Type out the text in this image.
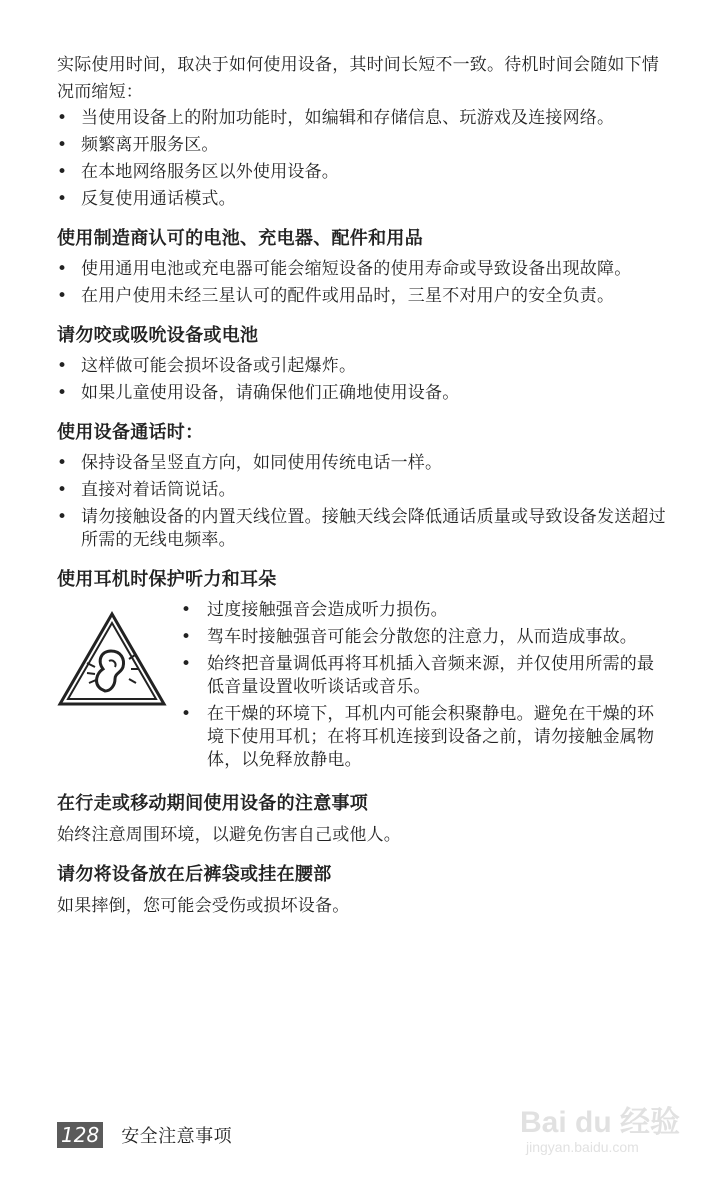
实际使用时间，取决于如何使用设备，其时间长短不一致。待机时间会随如下情况而缩短：

• 当使用设备上的附加功能时，如编辑和存储信息、玩游戏及连接网络。
• 频繁离开服务区。
• 在本地网络服务区以外使用设备。
• 反复使用通话模式。
使用制造商认可的电池、充电器、配件和用品
• 使用通用电池或充电器可能会缩短设备的使用寿命或导致设备出现故障。
• 在用户使用未经三星认可的配件或用品时，三星不对用户的安全负责。
请勿咬或吸吮设备或电池
• 这样做可能会损坏设备或引起爆炸。
• 如果儿童使用设备，请确保他们正确地使用设备。
使用设备通话时：
• 保持设备呈竖直方向，如同使用传统电话一样。
• 直接对着话筒说话。
• 请勿接触设备的内置天线位置。接触天线会降低通话质量或导致设备发送超过所需的无线电频率。
使用耳机时保护听力和耳朵
• 过度接触强音会造成听力损伤。
• 驾车时接触强音可能会分散您的注意力，从而造成事故。
• 始终把音量调低再将耳机插入音频来源，并仅使用所需的最低音量设置收听谈话或音乐。
• 在干燥的环境下，耳机内可能会积聚静电。避免在干燥的环境下使用耳机；在将耳机连接到设备之前，请勿接触金属物体，以免释放静电。
在行走或移动期间使用设备的注意事项

始终注意周围环境，以避免伤害自己或他人。

请勿将设备放在后裤袋或挂在腰部

如果摔倒，您可能会受伤或损坏设备。

128 安全注意事项	Bai du 经验
jingyan.baidu.com
